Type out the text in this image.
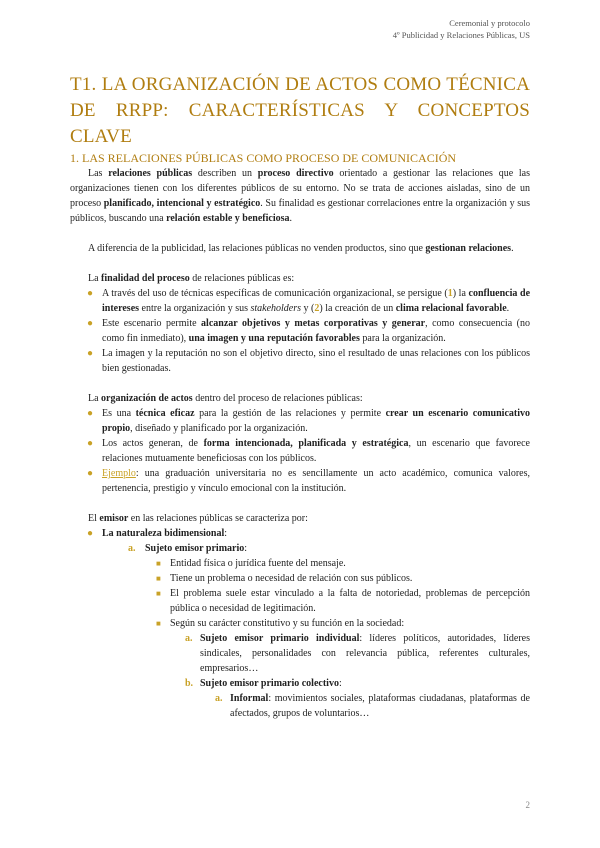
Ceremonial y protocolo
4º Publicidad y Relaciones Públicas, US
T1. LA ORGANIZACIÓN DE ACTOS COMO TÉCNICA DE RRPP: CARACTERÍSTICAS Y CONCEPTOS CLAVE
1. LAS RELACIONES PÚBLICAS COMO PROCESO DE COMUNICACIÓN

Las relaciones públicas describen un proceso directivo orientado a gestionar las relaciones que las organizaciones tienen con los diferentes públicos de su entorno. No se trata de acciones aisladas, sino de un proceso planificado, intencional y estratégico. Su finalidad es gestionar correlaciones entre la organización y sus públicos, buscando una relación estable y beneficiosa.

A diferencia de la publicidad, las relaciones públicas no venden productos, sino que gestionan relaciones.

La finalidad del proceso de relaciones públicas es:

● A través del uso de técnicas específicas de comunicación organizacional, se persigue (1) la confluencia de intereses entre la organización y sus stakeholders y (2) la creación de un clima relacional favorable.
● Este escenario permite alcanzar objetivos y metas corporativas y generar, como consecuencia (no como fin inmediato), una imagen y una reputación favorables para la organización.
● La imagen y la reputación no son el objetivo directo, sino el resultado de unas relaciones con los públicos bien gestionadas.

La organización de actos dentro del proceso de relaciones públicas:

● Es una técnica eficaz para la gestión de las relaciones y permite crear un escenario comunicativo propio, diseñado y planificado por la organización.
● Los actos generan, de forma intencionada, planificada y estratégica, un escenario que favorece relaciones mutuamente beneficiosas con los públicos.
● Ejemplo: una graduación universitaria no es sencillamente un acto académico, comunica valores, pertenencia, prestigio y vínculo emocional con la institución.

El emisor en las relaciones públicas se caracteriza por:

● La naturaleza bidimensional:
a. Sujeto emisor primario:
■ Entidad física o jurídica fuente del mensaje.
■ Tiene un problema o necesidad de relación con sus públicos.
■ El problema suele estar vinculado a la falta de notoriedad, problemas de percepción pública o necesidad de legitimación.
■ Según su carácter constitutivo y su función en la sociedad:
a. Sujeto emisor primario individual: líderes políticos, autoridades, líderes sindicales, personalidades con relevancia pública, referentes culturales, empresarios…
b. Sujeto emisor primario colectivo:
a. Informal: movimientos sociales, plataformas ciudadanas, plataformas de afectados, grupos de voluntarios…
2
